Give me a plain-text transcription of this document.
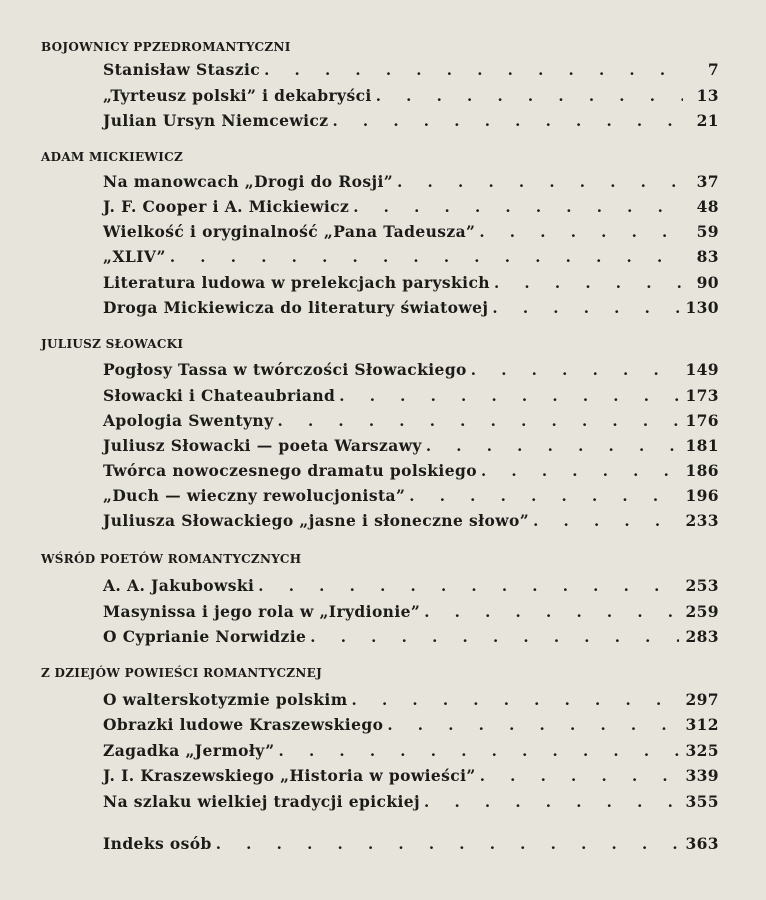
BOJOWNICY PPZEDROMANTYCZNI
Stanisław Staszic . . .	7
„Tyrteusz polski” i dekabryści . . .	13
Julian Ursyn Niemcewicz . . .	21
ADAM MICKIEWICZ
Na manowcach „Drogi do Rosji” . . .	37
J. F. Cooper i A. Mickiewicz . . .	48
Wielkość i oryginalność „Pana Tadeusza” . . .	59
„XLIV” . . .	83
Literatura ludowa w prelekcjach paryskich . . .	90
Droga Mickiewicza do literatury światowej . . .	130
JULIUSZ SŁOWACKI
Pogłosy Tassa w twórczości Słowackiego . . .	149
Słowacki i Chateaubriand . . .	173
Apologia Swentyny . . .	176
Juliusz Słowacki — poeta Warszawy . . .	181
Twórca nowoczesnego dramatu polskiego . . .	186
„Duch — wieczny rewolucjonista” . . .	196
Juliusza Słowackiego „jasne i słoneczne słowo” . . .	233
WŚRÓD POETÓW ROMANTYCZNYCH
A. A. Jakubowski . . .	253
Masynissa i jego rola w „Irydionie” . . .	259
O Cyprianie Norwidzie . . .	283
Z DZIEJÓW POWIEŚCI ROMANTYCZNEJ
O walterskotyzmie polskim . . .	297
Obrazki ludowe Kraszewskiego . . .	312
Zagadka „Jermoły” . . .	325
J. I. Kraszewskiego „Historia w powieści” . . .	339
Na szlaku wielkiej tradycji epickiej . . .	355
Indeks osób . . .	363
